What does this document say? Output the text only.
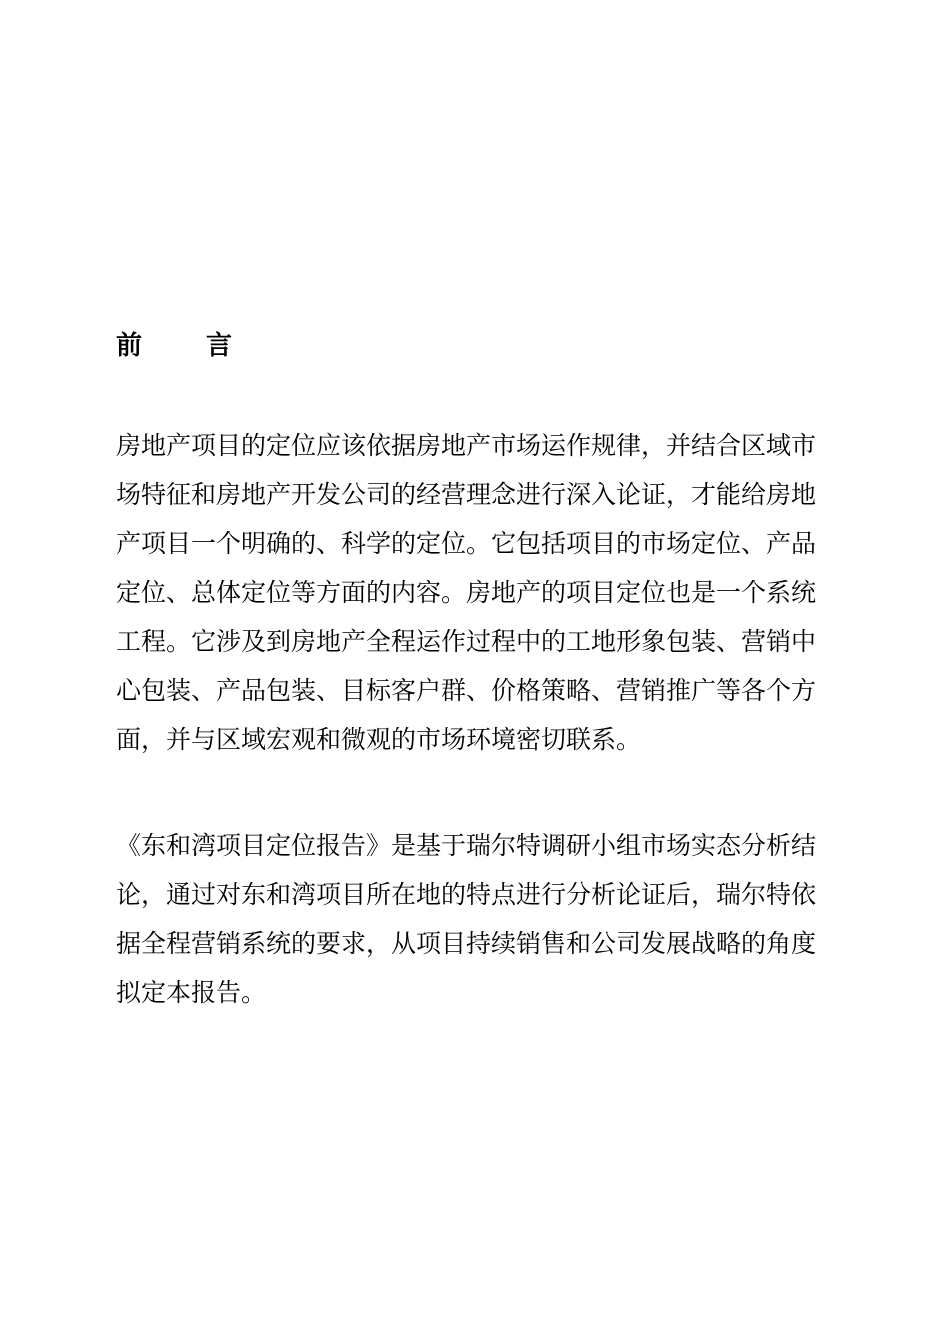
前 言

房地产项目的定位应该依据房地产市场运作规律，并结合区域市
场特征和房地产开发公司的经营理念进行深入论证，才能给房地
产项目一个明确的、科学的定位。它包括项目的市场定位、产品
定位、总体定位等方面的内容。房地产的项目定位也是一个系统
工程。它涉及到房地产全程运作过程中的工地形象包装、营销中
心包装、产品包装、目标客户群、价格策略、营销推广等各个方
面，并与区域宏观和微观的市场环境密切联系。

《东和湾项目定位报告》是基于瑞尔特调研小组市场实态分析结
论，通过对东和湾项目所在地的特点进行分析论证后，瑞尔特依
据全程营销系统的要求，从项目持续销售和公司发展战略的角度
拟定本报告。
